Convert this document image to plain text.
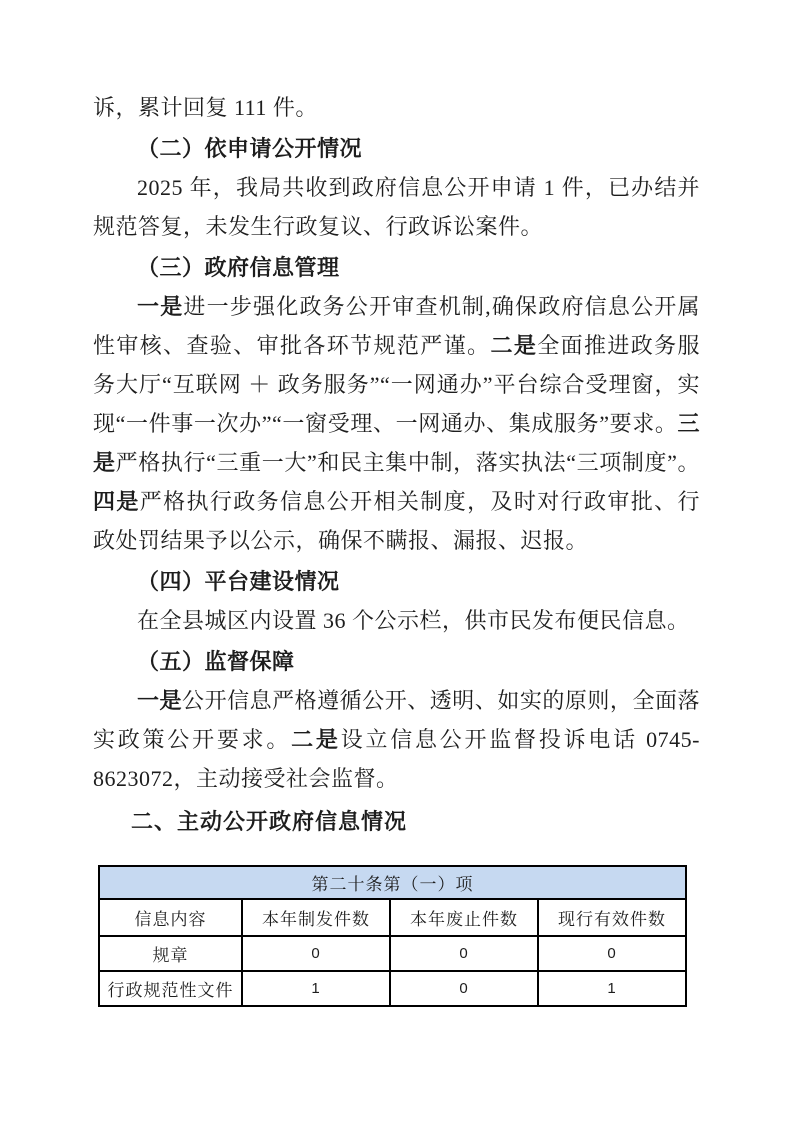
诉，累计回复 111 件。

（二）依申请公开情况

2025 年，我局共收到政府信息公开申请 1 件，已办结并规范答复，未发生行政复议、行政诉讼案件。

（三）政府信息管理

一是进一步强化政务公开审查机制,确保政府信息公开属性审核、查验、审批各环节规范严谨。二是全面推进政务服务大厅“互联网 ＋ 政务服务”“一网通办”平台综合受理窗，实现“一件事一次办”“一窗受理、一网通办、集成服务”要求。三是严格执行“三重一大”和民主集中制，落实执法“三项制度”。四是严格执行政务信息公开相关制度，及时对行政审批、行政处罚结果予以公示，确保不瞒报、漏报、迟报。

（四）平台建设情况

在全县城区内设置 36 个公示栏，供市民发布便民信息。

（五）监督保障

一是公开信息严格遵循公开、透明、如实的原则，全面落实政策公开要求。二是设立信息公开监督投诉电话 0745-8623072，主动接受社会监督。

二、主动公开政府信息情况

第二十条第（一）项			
信息内容	本年制发件数	本年废止件数	现行有效件数
规章	0	0	0
行政规范性文件	1	0	1
